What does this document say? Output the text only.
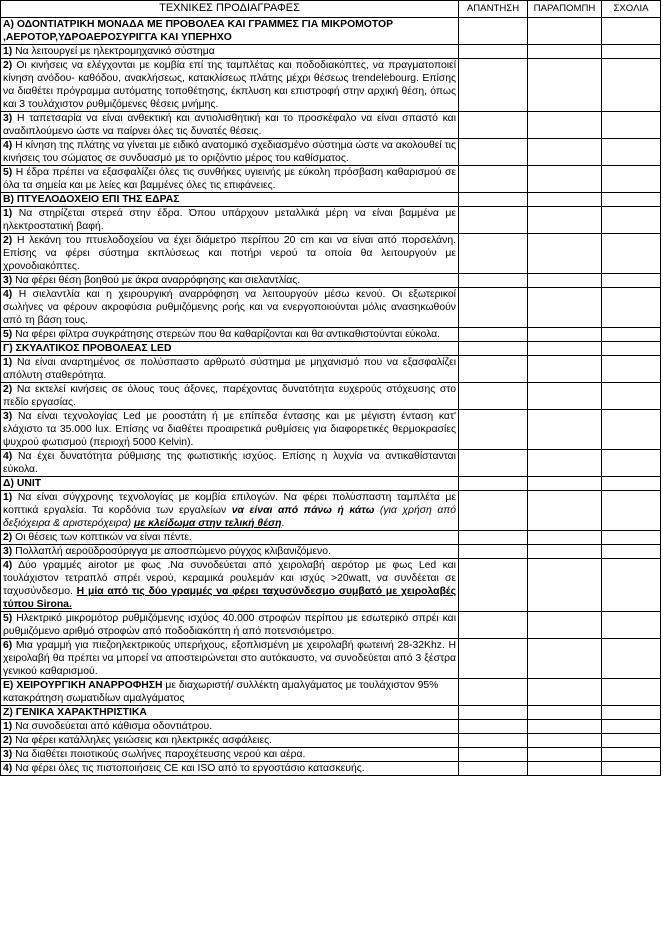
ΤΕΧΝΙΚΕΣ ΠΡΟΔΙΑΓΡΑΦΕΣ	ΑΠΑΝΤΗΣΗ	ΠΑΡΑΠΟΜΠΗ	ΣΧΟΛΙΑ
Α) ΟΔΟΝΤΙΑΤΡΙΚΗ ΜΟΝΑΔΑ ΜΕ ΠΡΟΒΟΛΕΑ ΚΑΙ ΓΡΑΜΜΕΣ ΓΙΑ ΜΙΚΡΟΜΟΤΟΡ ,ΑΕΡΟΤΟΡ,ΥΔΡΟΑΕΡΟΣΥΡΙΓΓΑ ΚΑΙ ΥΠΕΡΗΧΟ			
1) Να λειτουργεί με ηλεκτρομηχανικό σύστημα			
2) Οι κινήσεις να ελέγχονται με κομβία επί της ταμπλέτας και ποδοδιακόπτες, να πραγματοποιεί κίνηση ανόδου- καθόδου, ανακλήσεως, κατακλίσεως πλάτης μέχρι θέσεως trendelebourg. Επίσης να διαθέτει πρόγραμμα αυτόματης τοποθέτησης, έκπλυση και επιστροφή στην αρχική θέση, όπως και 3 τουλάχιστον ρυθμιζόμενες θέσεις μνήμης.			
3) Η ταπετσαρία να είναι ανθεκτική και αντιολισθητική και το προσκέφαλο να είναι σπαστό και αναδιπλούμενο ώστε να παίρνει όλες τις δυνατές θέσεις.			
4) Η κίνηση της πλάτης να γίνεται με ειδικό ανατομικό σχεδιασμένο σύστημα ώστε να ακολουθεί τις κινήσεις του σώματος σε συνδυασμό με το οριζόντιο μέρος του καθίσματος.			
5) Η έδρα πρέπει να εξασφαλίζει όλες τις συνθήκες υγιεινής με εύκολη πρόσβαση καθαρισμού σε όλα τα σημεία και με λείες και βαμμένες όλες τις επιφάνειες.			
Β) ΠΤΥΕΛΟΔΟΧΕΙΟ ΕΠΙ ΤΗΣ ΕΔΡΑΣ			
1) Να στηρίζεται στερεά στην έδρα. Όπου υπάρχουν μεταλλικά μέρη να είναι βαμμένα με ηλεκτροστατική βαφή.			
2) Η λεκάνη του πτυελοδοχείου να έχει διάμετρο περίπου 20 cm και να είναι από πορσελάνη. Επίσης να φέρει σύστημα εκπλύσεως και ποτήρι νερού τα οποία θα λειτουργούν με χρονοδιακόπτες.			
3) Να φέρει θέση βοηθού με άκρα αναρρόφησης και σιελαντλίας.			
4) Η σιελαντλία και η χειρουργική αναρρόφηση να λειτουργούν μέσω κενού. Οι εξωτερικοί σωλήνες να φέρουν ακροφύσια ρυθμιζόμενης ροής και να ενεργοποιούνται μόλις ανασηκωθούν από τη βάση τους.			
5) Να φέρει φίλτρα συγκράτησης στερεών που θα καθαρίζονται και θα αντικαθιστούνται εύκολα.			
Γ) ΣΚΥΑΛΤΙΚΟΣ ΠΡΟΒΟΛΕΑΣ LED			
1) Να είναι αναρτημένος σε πολύσπαστο αρθρωτό σύστημα με μηχανισμό που να εξασφαλίζει απόλυτη σταθερότητα.			
2) Να εκτελεί κινήσεις σε όλους τους άξονες, παρέχοντας δυνατότητα ευχερούς στόχευσης στο πεδίο εργασίας.			
3) Να είναι τεχνολογίας Led με ροοστάτη ή με επίπεδα έντασης και με μέγιστη ένταση κατ' ελάχιστο τα 35.000 lux. Επίσης να διαθέτει προαιρετικά ρυθμίσεις για διαφορετικές θερμοκρασίες ψυχρού φωτισμού (περιοχή 5000 Kelvin).			
4) Να έχει δυνατότητα ρύθμισης της φωτιστικής ισχύος. Επίσης η λυχνία να αντικαθίστανται εύκολα.			
Δ) UNIT			
1) Να είναι σύγχρονης τεχνολογίας με κομβία επιλογών. Να φέρει πολύσπαστη ταμπλέτα με κοπτικά εργαλεία. Τα κορδόνια των εργαλείων να είναι από πάνω ή κάτω (για χρήση από δεξιόχειρα & αριστερόχειρα) με κλείδωμα στην τελική θέση.			
2) Οι θέσεις των κοπτικών να είναι πέντε.			
3) Πολλαπλή αεροϋδροσύριγγα με αποσπώμενο ρύγχος κλιβανιζόμενο.			
4) Δύο γραμμές airotor με φως .Να συνοδεύεται από χειρολαβή αερότορ με φως Led και τουλάχιστον τετραπλό σπρέι νερού, κεραμικά ρουλεμάν και ισχύς >20watt, να συνδέεται σε ταχυσύνδεσμο. Η μία από τις δύο γραμμές να φέρει ταχυσύνδεσμο συμβατό με χειρολαβές τύπου Sirona.			
5) Ηλεκτρικό μικρομότορ ρυθμιζόμενης ισχύος 40.000 στροφών περίπου με εσωτερικό σπρέι και ρυθμιζόμενο αριθμό στροφών από ποδοδιακόπτη ή από ποτενσιόμετρο.			
6) Μια γραμμή για πιεζοηλεκτρικούς υπερήχους, εξοπλισμένη με χειρολαβή φωτεινή 28-32Khz. Η χειρολαβή θα πρέπει να μπορεί να αποστειρώνεται στο αυτόκαυστο, να συνοδεύεται από 3 ξέστρα γενικού καθαρισμού.			
Ε) ΧΕΙΡΟΥΡΓΙΚΗ ΑΝΑΡΡΟΦΗΣΗ με διαχωριστή/ συλλέκτη αμαλγάματος με τουλάχιστον 95% κατακράτηση σωματιδίων αμαλγάματος			
Ζ) ΓΕΝΙΚΑ ΧΑΡΑΚΤΗΡΙΣΤΙΚΑ			
1) Να συνοδεύεται από κάθισμα οδοντιάτρου.			
2) Να φέρει κατάλληλες γειώσεις και ηλεκτρικές ασφάλειες.			
3) Να διαθέτει ποιοτικούς σωλήνες παροχέτευσης νερού και αέρα.			
4) Να φέρει όλες τις πιστοποιήσεις CE και ISO από το εργοστάσιο κατασκευής.			
